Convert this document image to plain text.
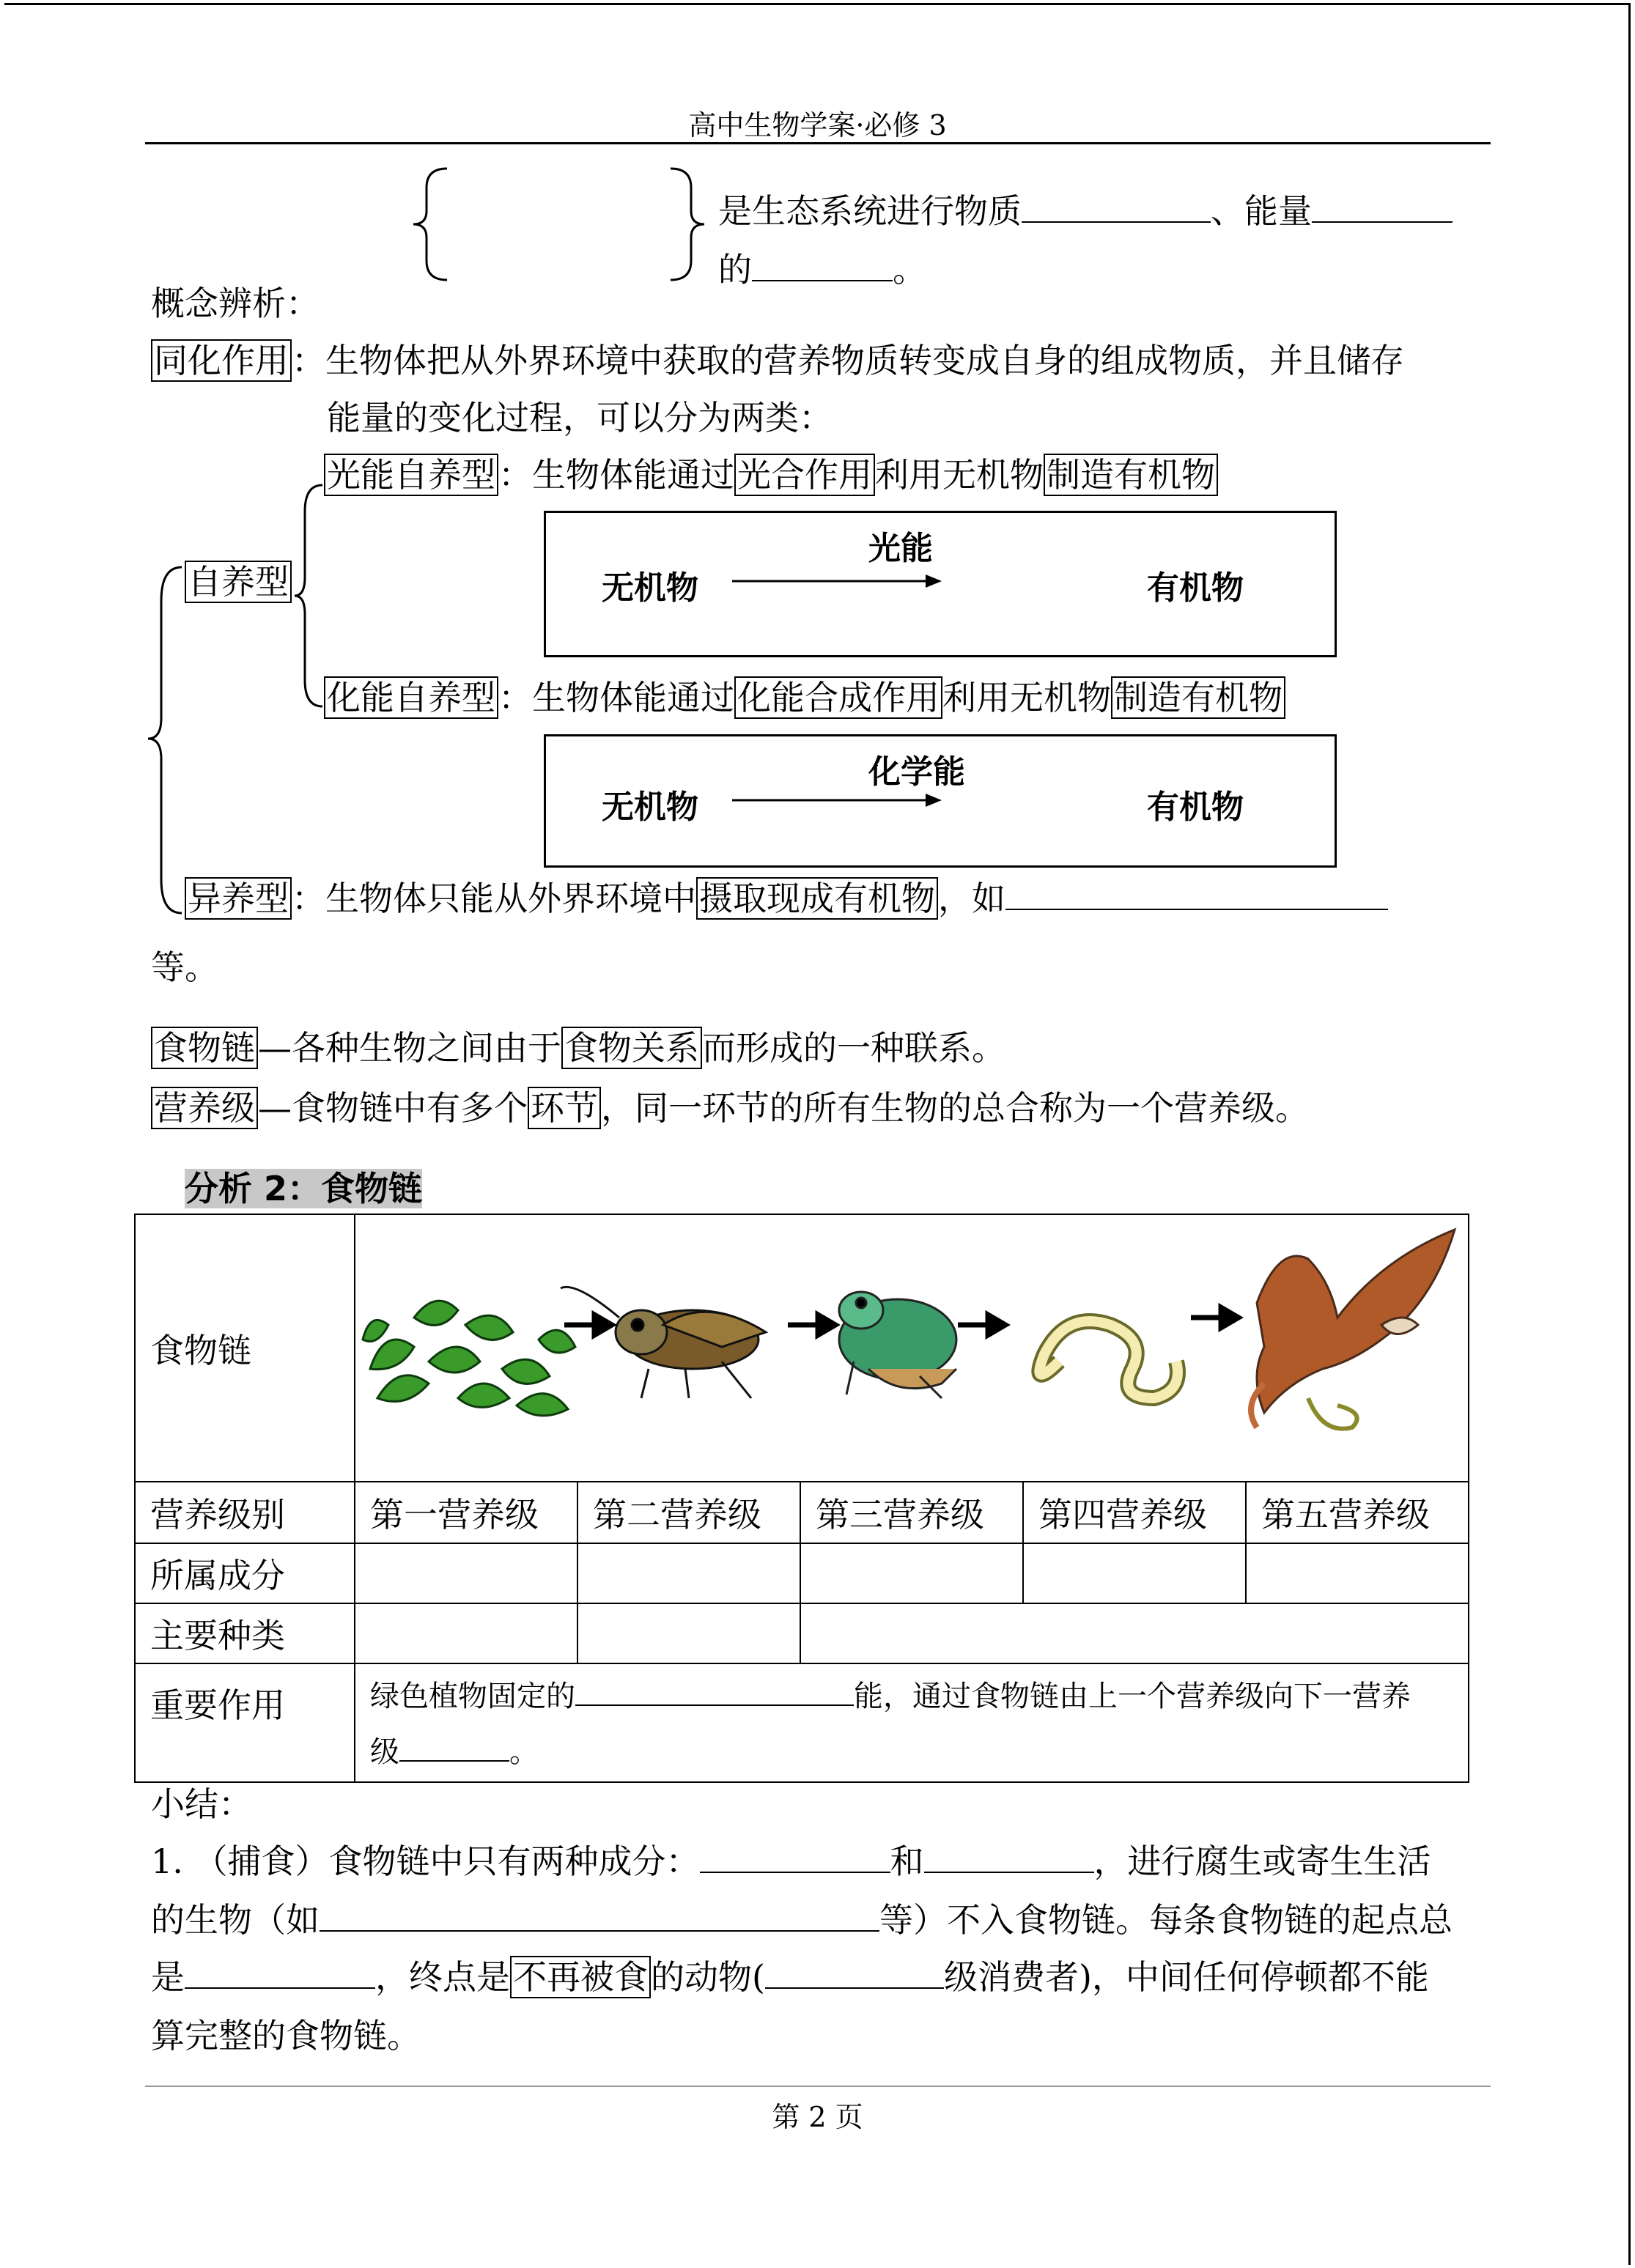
高中生物学案·必修 3
是生态系统进行物质	、能量
的	。
概念辨析：
同化作用：生物体把从外界环境中获取的营养物质转变成自身的组成物质，并且储存
能量的变化过程，可以分为两类：
自养型
光能自养型：生物体能通过光合作用利用无机物制造有机物
光能
无机物	有机物
化能自养型：生物体能通过化能合成作用利用无机物制造有机物
化学能
无机物	有机物
异养型：生物体只能从外界环境中摄取现成有机物，如
等。
食物链—各种生物之间由于食物关系而形成的一种联系。
营养级—食物链中有多个环节，同一环节的所有生物的总合称为一个营养级。
分析 2：食物链
食物链	
营养级别	第一营养级	第二营养级	第三营养级	第四营养级	第五营养级
所属成分					
主要种类					
重要作用	绿色植物固定的 能，通过食物链由上一个营养级向下一营养
级 。				
小结：
1. （捕食）食物链中只有两种成分：	和	，进行腐生或寄生生活
的生物（如	等）不入食物链。每条食物链的起点总
是	，终点是不再被食的动物(	级消费者)，中间任何停顿都不能
算完整的食物链。
第 2 页
